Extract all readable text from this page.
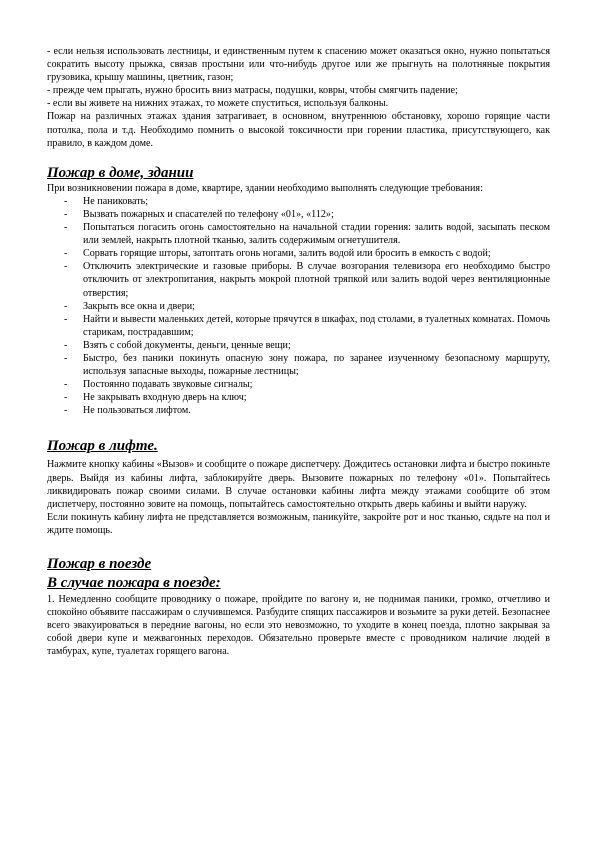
- если нельзя использовать лестницы, и единственным путем к спасению может оказаться окно, нужно попытаться сократить высоту прыжка, связав простыни или что-нибудь другое или же прыгнуть на полотняные покрытия грузовика, крышу машины, цветник, газон;

- прежде чем прыгать, нужно бросить вниз матрасы, подушки, ковры, чтобы смягчить падение;

- если вы живете на нижних этажах, то можете спуститься, используя балконы.

Пожар на различных этажах здания затрагивает, в основном, внутреннюю обстановку, хорошо горящие части потолка, пола и т.д. Необходимо помнить о высокой токсичности при горении пластика, присутствующего, как правило, в каждом доме.

Пожар в доме, здании

При возникновении пожара в доме, квартире, здании необходимо выполнять следующие требования:

- Не паниковать;
- Вызвать пожарных и спасателей по телефону «01», «112»;
- Попытаться погасить огонь самостоятельно на начальной стадии горения: залить водой, засыпать песком или землей, накрыть плотной тканью, залить содержимым огнетушителя.
- Сорвать горящие шторы, затоптать огонь ногами, залить водой или бросить в емкость с водой;
- Отключить электрические и газовые приборы. В случае возгорания телевизора его необходимо быстро отключить от электропитания, накрыть мокрой плотной тряпкой или залить водой через вентиляционные отверстия;
- Закрыть все окна и двери;
- Найти и вывести маленьких детей, которые прячутся в шкафах, под столами, в туалетных комнатах. Помочь старикам, пострадавшим;
- Взять с собой документы, деньги, ценные вещи;
- Быстро, без паники покинуть опасную зону пожара, по заранее изученному безопасному маршруту, используя запасные выходы, пожарные лестницы;
- Постоянно подавать звуковые сигналы;
- Не закрывать входную дверь на ключ;
- Не пользоваться лифтом.

Пожар в лифте.

Нажмите кнопку кабины «Вызов» и сообщите о пожаре диспетчеру. Дождитесь остановки лифта и быстро покиньте дверь. Выйдя из кабины лифта, заблокируйте дверь. Вызовите пожарных по телефону «01». Попытайтесь ликвидировать пожар своими силами. В случае остановки кабины лифта между этажами сообщите об этом диспетчеру, постоянно зовите на помощь, попытайтесь самостоятельно открыть дверь кабины и выйти наружу.

Если покинуть кабину лифта не представляется возможным, паникуйте, закройте рот и нос тканью, сядьте на пол и ждите помощь.

Пожар в поезде

В случае пожара в поезде:

1. Немедленно сообщите проводнику о пожаре, пройдите по вагону и, не поднимая паники, громко, отчетливо и спокойно объявите пассажирам о случившемся. Разбудите спящих пассажиров и возьмите за руки детей. Безопаснее всего эвакуироваться в передние вагоны, но если это невозможно, то уходите в конец поезда, плотно закрывая за собой двери купе и межвагонных переходов. Обязательно проверьте вместе с проводником наличие людей в тамбурах, купе, туалетах горящего вагона.
